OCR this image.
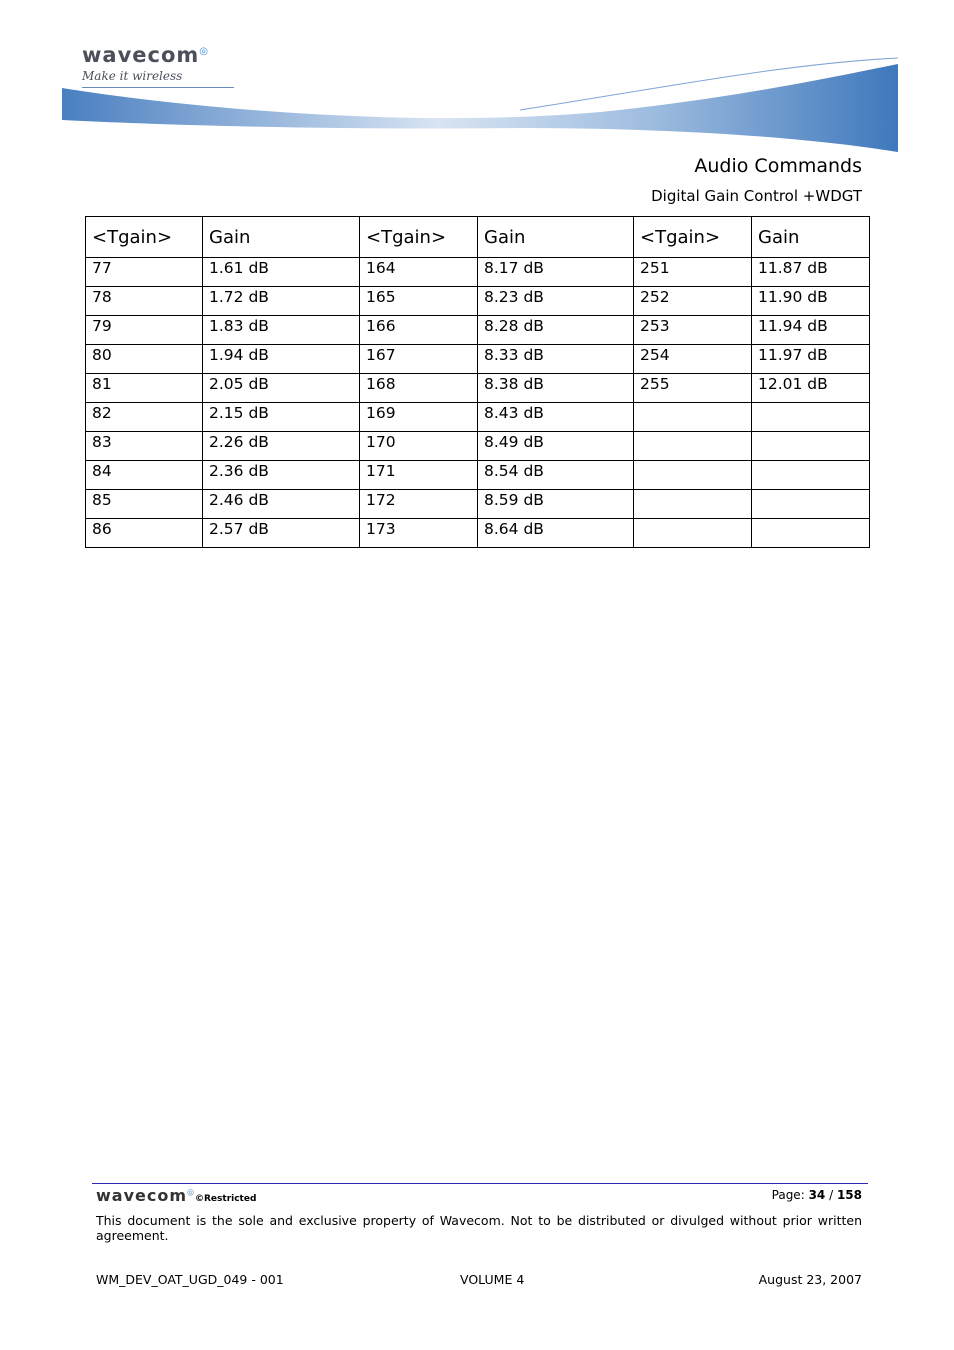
wavecom◎
Make it wireless
Audio Commands
Digital Gain Control +WDGT
<Tgain>	Gain	<Tgain>	Gain	<Tgain>	Gain
77	1.61 dB	164	8.17 dB	251	11.87 dB
78	1.72 dB	165	8.23 dB	252	11.90 dB
79	1.83 dB	166	8.28 dB	253	11.94 dB
80	1.94 dB	167	8.33 dB	254	11.97 dB
81	2.05 dB	168	8.38 dB	255	12.01 dB
82	2.15 dB	169	8.43 dB		
83	2.26 dB	170	8.49 dB		
84	2.36 dB	171	8.54 dB		
85	2.46 dB	172	8.59 dB		
86	2.57 dB	173	8.64 dB		
wavecom◎©Restricted	Page: 34 / 158
This document is the sole and exclusive property of Wavecom. Not to be distributed or divulged without prior written agreement.
WM_DEV_OAT_UGD_049 - 001	VOLUME 4	August 23, 2007
